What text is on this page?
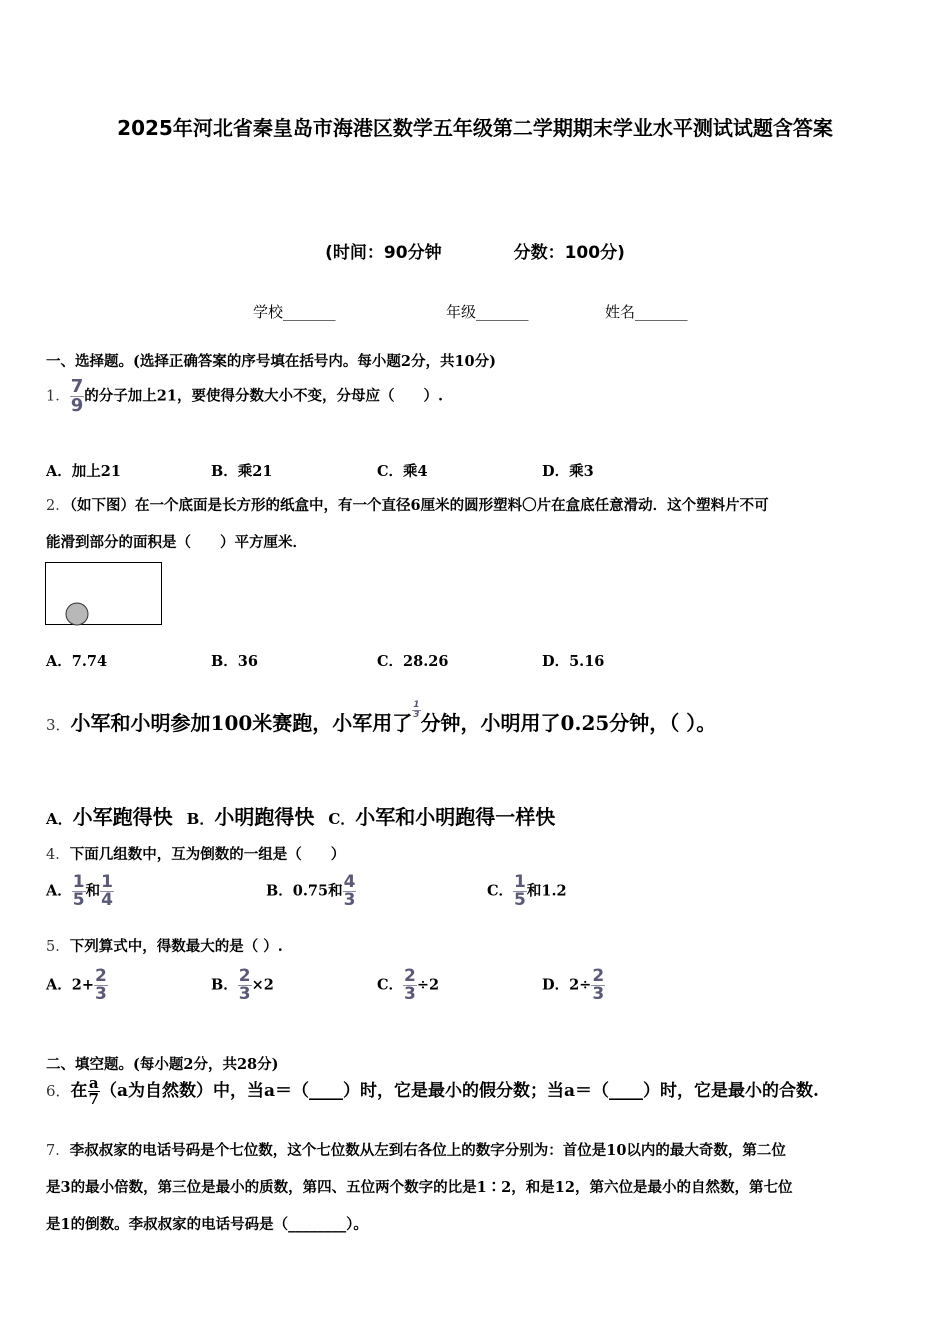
2025年河北省秦皇岛市海港区数学五年级第二学期期末学业水平测试试题含答案
(时间：90分钟	分数：100分)
学校_______	年级_______	姓名_______
一、选择题。(选择正确答案的序号填在括号内。每小题2分，共10分)
1． $\frac{7}{9}$ 的分子加上21，要使得分数大小不变，分母应（　　）.
A．加上21	B．乘21	C．乘4	D．乘3
2．（如下图）在一个底面是长方形的纸盒中，有一个直径6厘米的圆形塑料〇片在盒底任意滑动．这个塑料片不可
能滑到部分的面积是（　　）平方厘米．
A．7.74	B．36	C．28.26	D．5.16
3．小军和小明参加100米赛跑，小军用了
$\frac{1}{3}$
分钟，小明用了0.25分钟，（ ）。
A．小军跑得快 B．小明跑得快 C．小军和小明跑得一样快
4．下面几组数中，互为倒数的一组是（　　）
A． $\frac{1}{5}$ 和 $\frac{1}{4}$	B．0.75和 $\frac{4}{3}$	C． $\frac{1}{5}$ 和1.2
5．下列算式中，得数最大的是（ ）.
A．$2+ \frac{2}{3}$	B． $\frac{2}{3} \times 2$	C． $\frac{2}{3} \div 2$	D．$2\div \frac{2}{3}$
二、填空题。(每小题2分，共28分)
6．在 $\frac{a}{7} (a$为自然数）中，当a＝（____）时，它是最小的假分数；当a＝（____）时，它是最小的合数.
7．李叔叔家的电话号码是个七位数，这个七位数从左到右各位上的数字分别为：首位是10以内的最大奇数，第二位
是3的最小倍数，第三位是最小的质数，第四、五位两个数字的比是1∶2，和是12，第六位是最小的自然数，第七位
是1的倒数。李叔叔家的电话号码是（________）。
